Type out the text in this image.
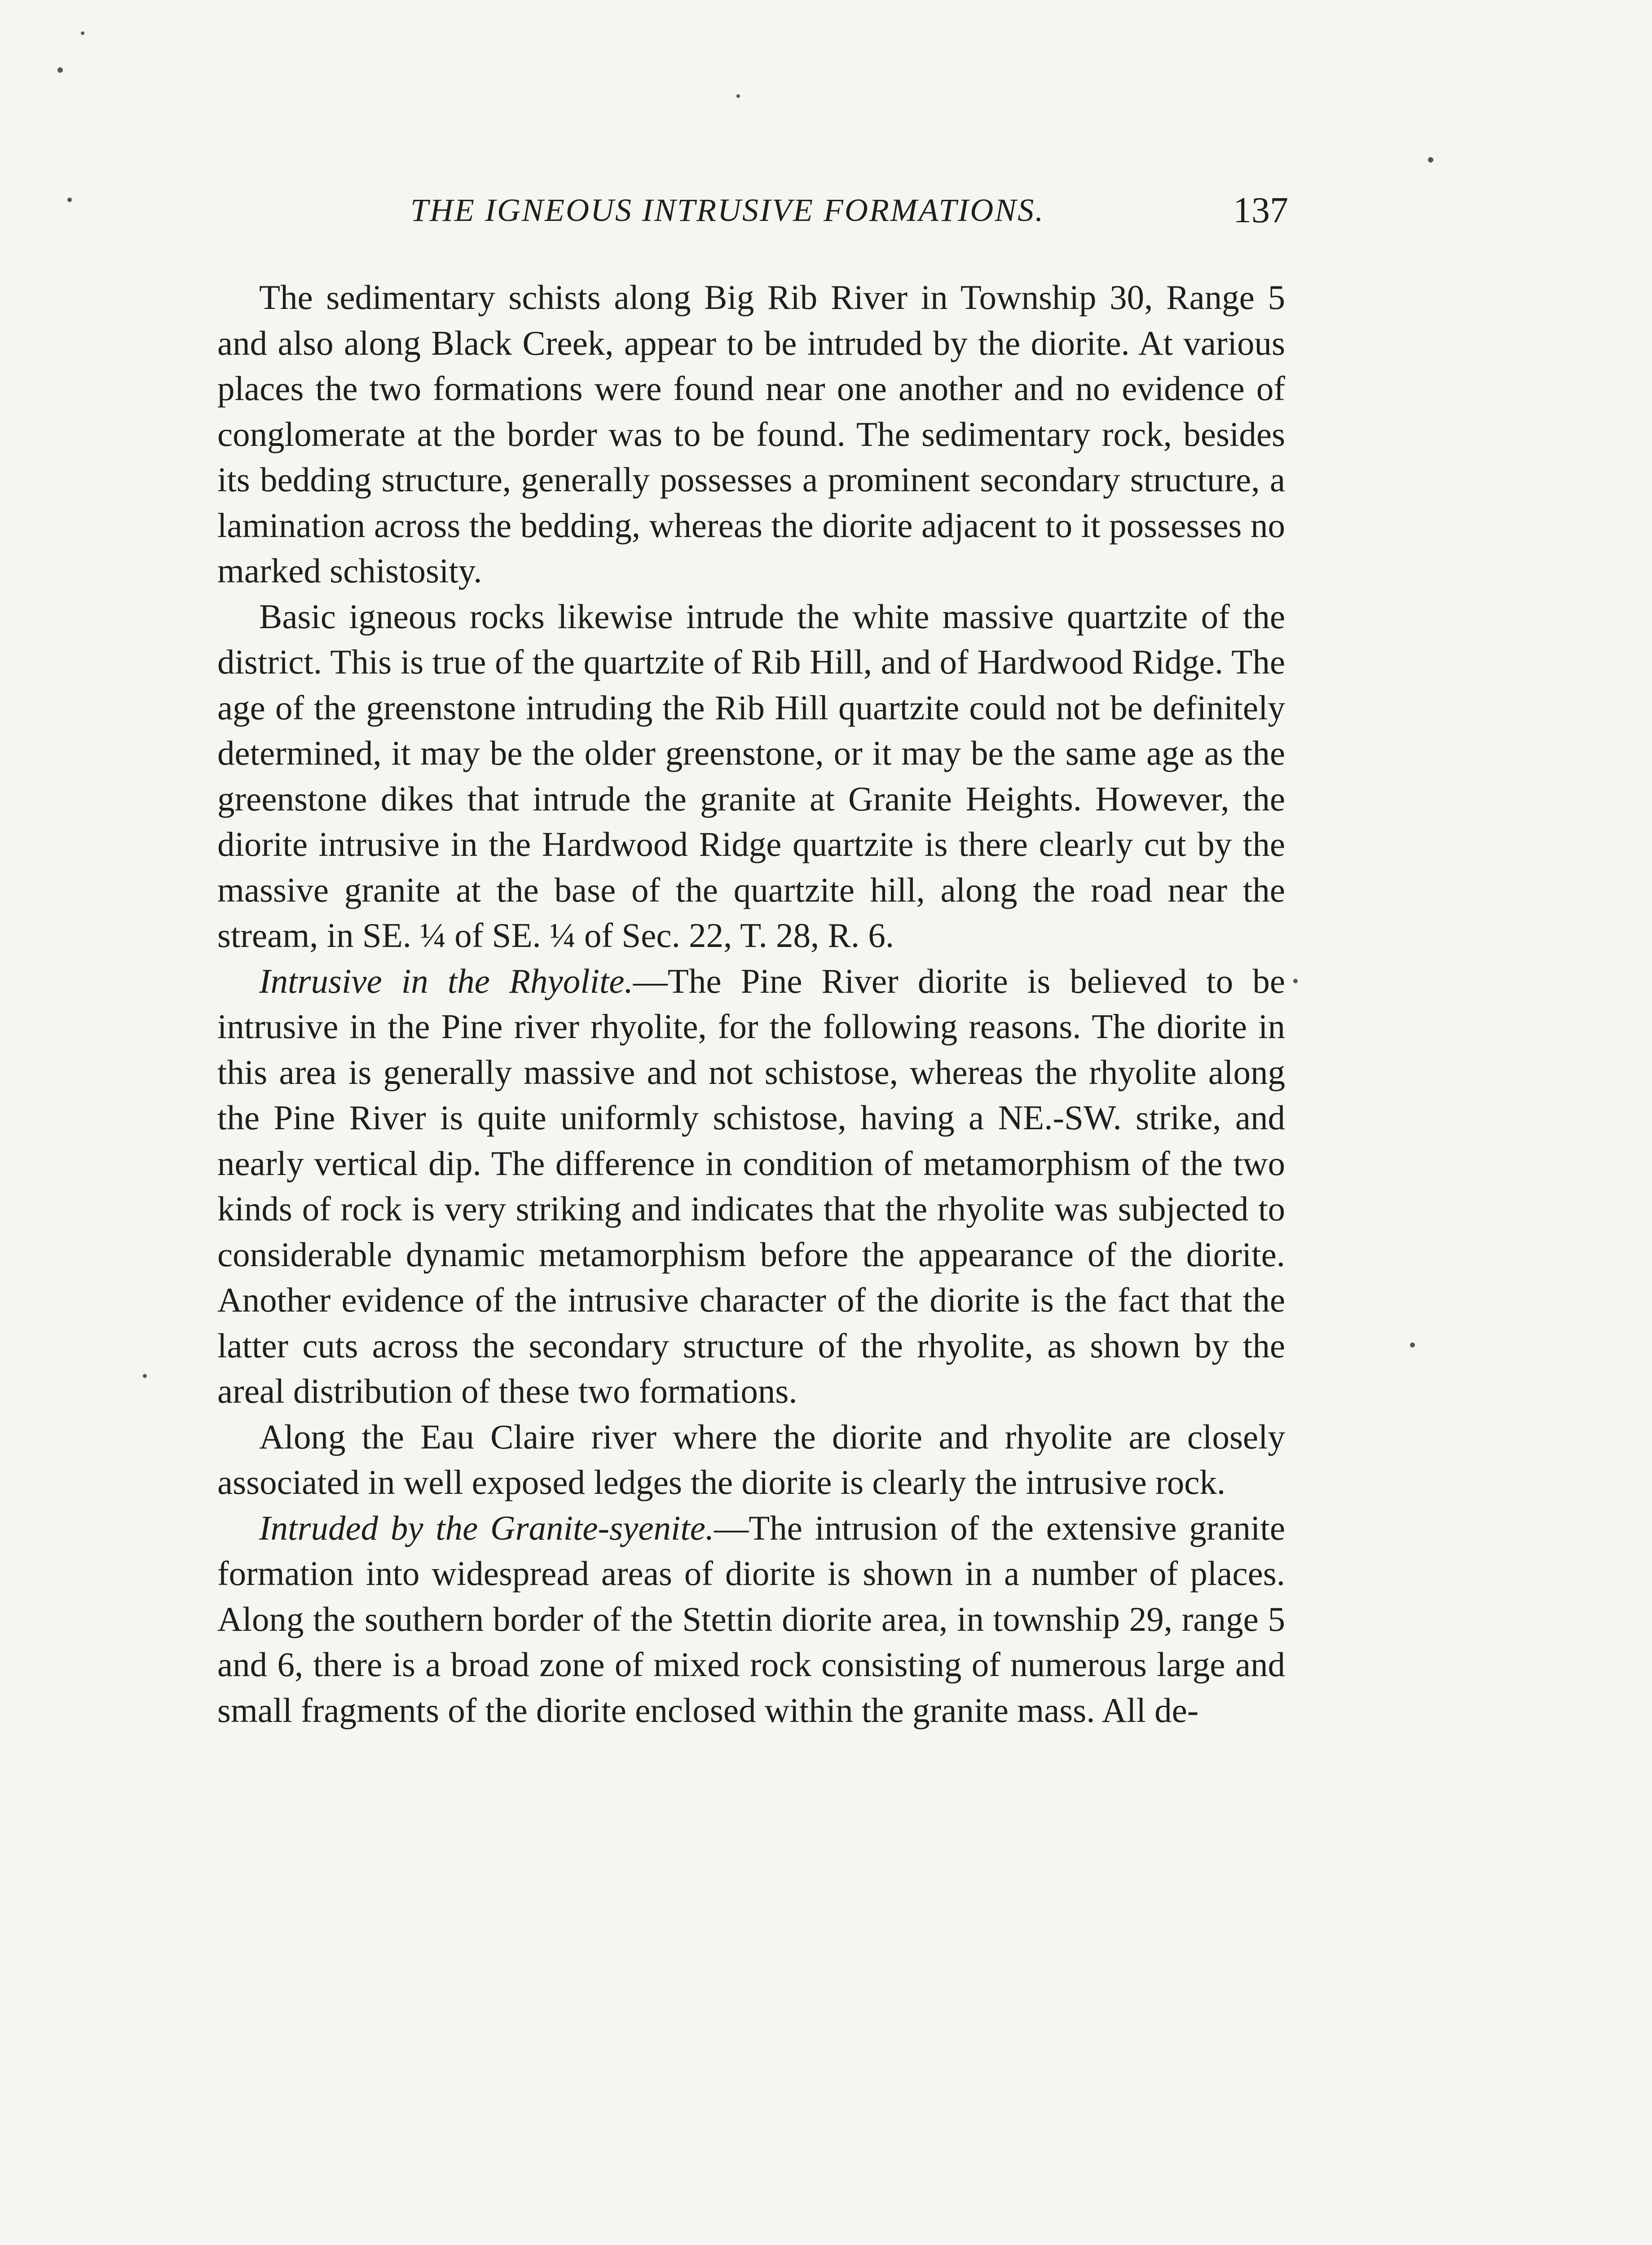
THE IGNEOUS INTRUSIVE FORMATIONS.	137

The sedimentary schists along Big Rib River in Township 30, Range 5 and also along Black Creek, appear to be intruded by the diorite. At various places the two formations were found near one another and no evidence of conglomerate at the border was to be found. The sedimentary rock, besides its bedding structure, generally possesses a prominent secondary structure, a lamination across the bedding, whereas the diorite adjacent to it possesses no marked schistosity.

Basic igneous rocks likewise intrude the white massive quartzite of the district. This is true of the quartzite of Rib Hill, and of Hardwood Ridge. The age of the greenstone intruding the Rib Hill quartzite could not be definitely determined, it may be the older greenstone, or it may be the same age as the greenstone dikes that intrude the granite at Granite Heights. However, the diorite intrusive in the Hardwood Ridge quartzite is there clearly cut by the massive granite at the base of the quartzite hill, along the road near the stream, in SE. ¼ of SE. ¼ of Sec. 22, T. 28, R. 6.

Intrusive in the Rhyolite.—The Pine River diorite is believed to be intrusive in the Pine river rhyolite, for the following reasons. The diorite in this area is generally massive and not schistose, whereas the rhyolite along the Pine River is quite uniformly schistose, having a NE.-SW. strike, and nearly vertical dip. The difference in condition of metamorphism of the two kinds of rock is very striking and indicates that the rhyolite was subjected to considerable dynamic metamorphism before the appearance of the diorite. Another evidence of the intrusive character of the diorite is the fact that the latter cuts across the secondary structure of the rhyolite, as shown by the areal distribution of these two formations.

Along the Eau Claire river where the diorite and rhyolite are closely associated in well exposed ledges the diorite is clearly the intrusive rock.

Intruded by the Granite-syenite.—The intrusion of the extensive granite formation into widespread areas of diorite is shown in a number of places. Along the southern border of the Stettin diorite area, in township 29, range 5 and 6, there is a broad zone of mixed rock consisting of numerous large and small fragments of the diorite enclosed within the granite mass. All de-
